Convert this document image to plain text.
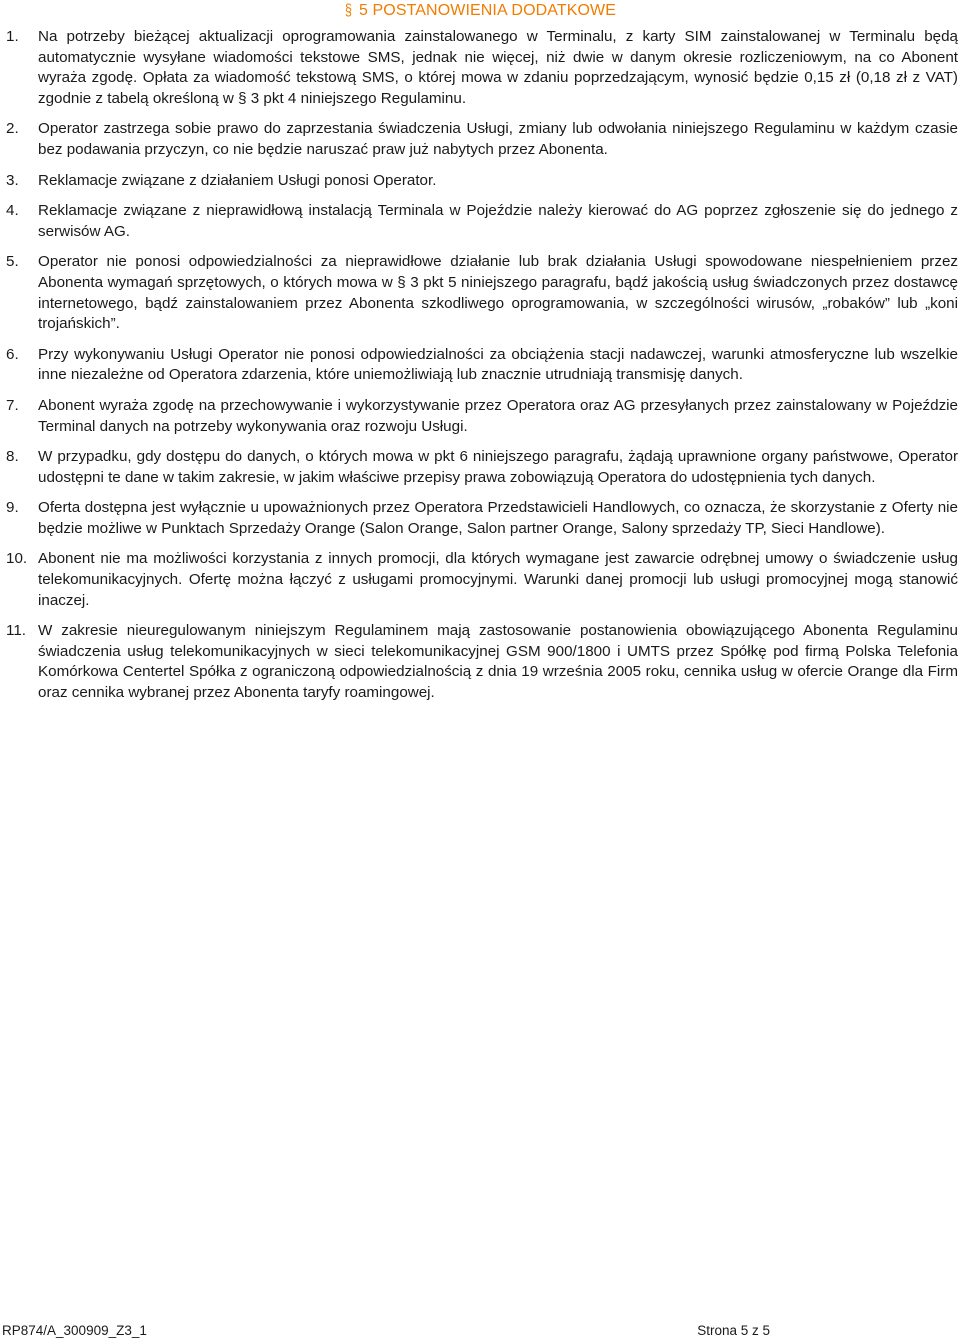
§ 5 POSTANOWIENIA DODATKOWE
1.	Na potrzeby bieżącej aktualizacji oprogramowania zainstalowanego w Terminalu, z karty SIM zainstalowanej w Terminalu będą automatycznie wysyłane wiadomości tekstowe SMS, jednak nie więcej, niż dwie w danym okresie rozliczeniowym, na co Abonent wyraża zgodę. Opłata za wiadomość tekstową SMS, o której mowa w zdaniu poprzedzającym, wynosić będzie 0,15 zł (0,18 zł z VAT) zgodnie z tabelą określoną w § 3 pkt 4 niniejszego Regulaminu.
2.	Operator zastrzega sobie prawo do zaprzestania świadczenia Usługi, zmiany lub odwołania niniejszego Regulaminu w każdym czasie bez podawania przyczyn, co nie będzie naruszać praw już nabytych przez Abonenta.
3.	Reklamacje związane z działaniem Usługi ponosi Operator.
4.	Reklamacje związane z nieprawidłową instalacją Terminala w Pojeździe należy kierować do AG poprzez zgłoszenie się do jednego z serwisów AG.
5.	Operator nie ponosi odpowiedzialności za nieprawidłowe działanie lub brak działania Usługi spowodowane niespełnieniem przez Abonenta wymagań sprzętowych, o których mowa w § 3 pkt 5 niniejszego paragrafu, bądź jakością usług świadczonych przez dostawcę internetowego, bądź zainstalowaniem przez Abonenta szkodliwego oprogramowania, w szczególności wirusów, „robaków” lub „koni trojańskich”.
6.	Przy wykonywaniu Usługi Operator nie ponosi odpowiedzialności za obciążenia stacji nadawczej, warunki atmosferyczne lub wszelkie inne niezależne od Operatora zdarzenia, które uniemożliwiają lub znacznie utrudniają transmisję danych.
7.	Abonent wyraża zgodę na przechowywanie i wykorzystywanie przez Operatora oraz AG przesyłanych przez zainstalowany w Pojeździe Terminal danych na potrzeby wykonywania oraz rozwoju Usługi.
8.	W przypadku, gdy dostępu do danych, o których mowa w pkt 6 niniejszego paragrafu, żądają uprawnione organy państwowe, Operator udostępni te dane w takim zakresie, w jakim właściwe przepisy prawa zobowiązują Operatora do udostępnienia tych danych.
9.	Oferta dostępna jest wyłącznie u upoważnionych przez Operatora Przedstawicieli Handlowych, co oznacza, że skorzystanie z Oferty nie będzie możliwe w Punktach Sprzedaży Orange (Salon Orange, Salon partner Orange, Salony sprzedaży TP, Sieci Handlowe).
10. Abonent nie ma możliwości korzystania z innych promocji, dla których wymagane jest zawarcie odrębnej umowy o świadczenie usług telekomunikacyjnych. Ofertę można łączyć z usługami promocyjnymi. Warunki danej promocji lub usługi promocyjnej mogą stanowić inaczej.
11. W zakresie nieuregulowanym niniejszym Regulaminem mają zastosowanie postanowienia obowiązującego Abonenta Regulaminu świadczenia usług telekomunikacyjnych w sieci telekomunikacyjnej GSM 900/1800 i UMTS przez Spółkę pod firmą Polska Telefonia Komórkowa Centertel Spółka z ograniczoną odpowiedzialnością z dnia 19 września 2005 roku, cennika usług w ofercie Orange dla Firm oraz cennika wybranej przez Abonenta taryfy roamingowej.
RP874/A_300909_Z3_1	Strona 5 z 5
